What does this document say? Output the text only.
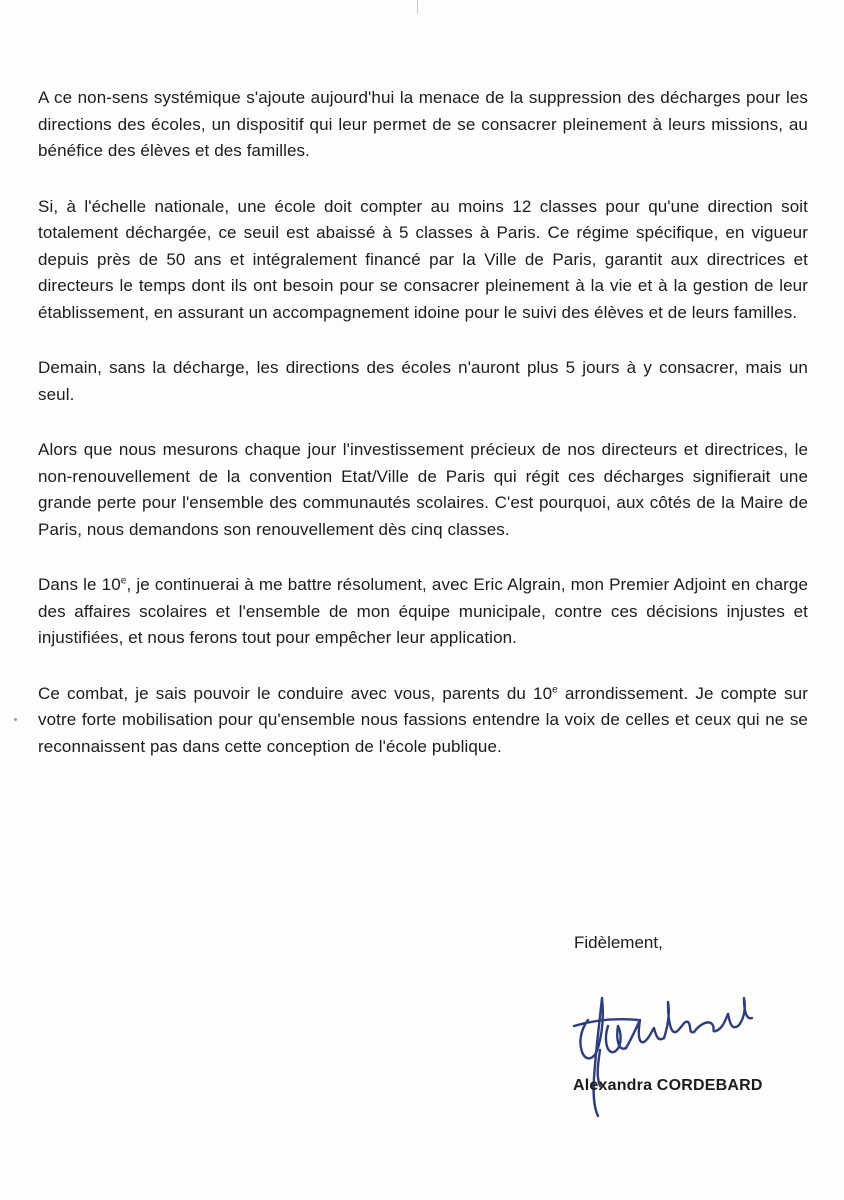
A ce non-sens systémique s'ajoute aujourd'hui la menace de la suppression des décharges pour les directions des écoles, un dispositif qui leur permet de se consacrer pleinement à leurs missions, au bénéfice des élèves et des familles.

Si, à l'échelle nationale, une école doit compter au moins 12 classes pour qu'une direction soit totalement déchargée, ce seuil est abaissé à 5 classes à Paris. Ce régime spécifique, en vigueur depuis près de 50 ans et intégralement financé par la Ville de Paris, garantit aux directrices et directeurs le temps dont ils ont besoin pour se consacrer pleinement à la vie et à la gestion de leur établissement, en assurant un accompagnement idoine pour le suivi des élèves et de leurs familles.

Demain, sans la décharge, les directions des écoles n'auront plus 5 jours à y consacrer, mais un seul.

Alors que nous mesurons chaque jour l'investissement précieux de nos directeurs et directrices, le non-renouvellement de la convention Etat/Ville de Paris qui régit ces décharges signifierait une grande perte pour l'ensemble des communautés scolaires. C'est pourquoi, aux côtés de la Maire de Paris, nous demandons son renouvellement dès cinq classes.

Dans le 10e, je continuerai à me battre résolument, avec Eric Algrain, mon Premier Adjoint en charge des affaires scolaires et l'ensemble de mon équipe municipale, contre ces décisions injustes et injustifiées, et nous ferons tout pour empêcher leur application.

Ce combat, je sais pouvoir le conduire avec vous, parents du 10e arrondissement. Je compte sur votre forte mobilisation pour qu'ensemble nous fassions entendre la voix de celles et ceux qui ne se reconnaissent pas dans cette conception de l'école publique.

Fidèlement,
Alexandra CORDEBARD
